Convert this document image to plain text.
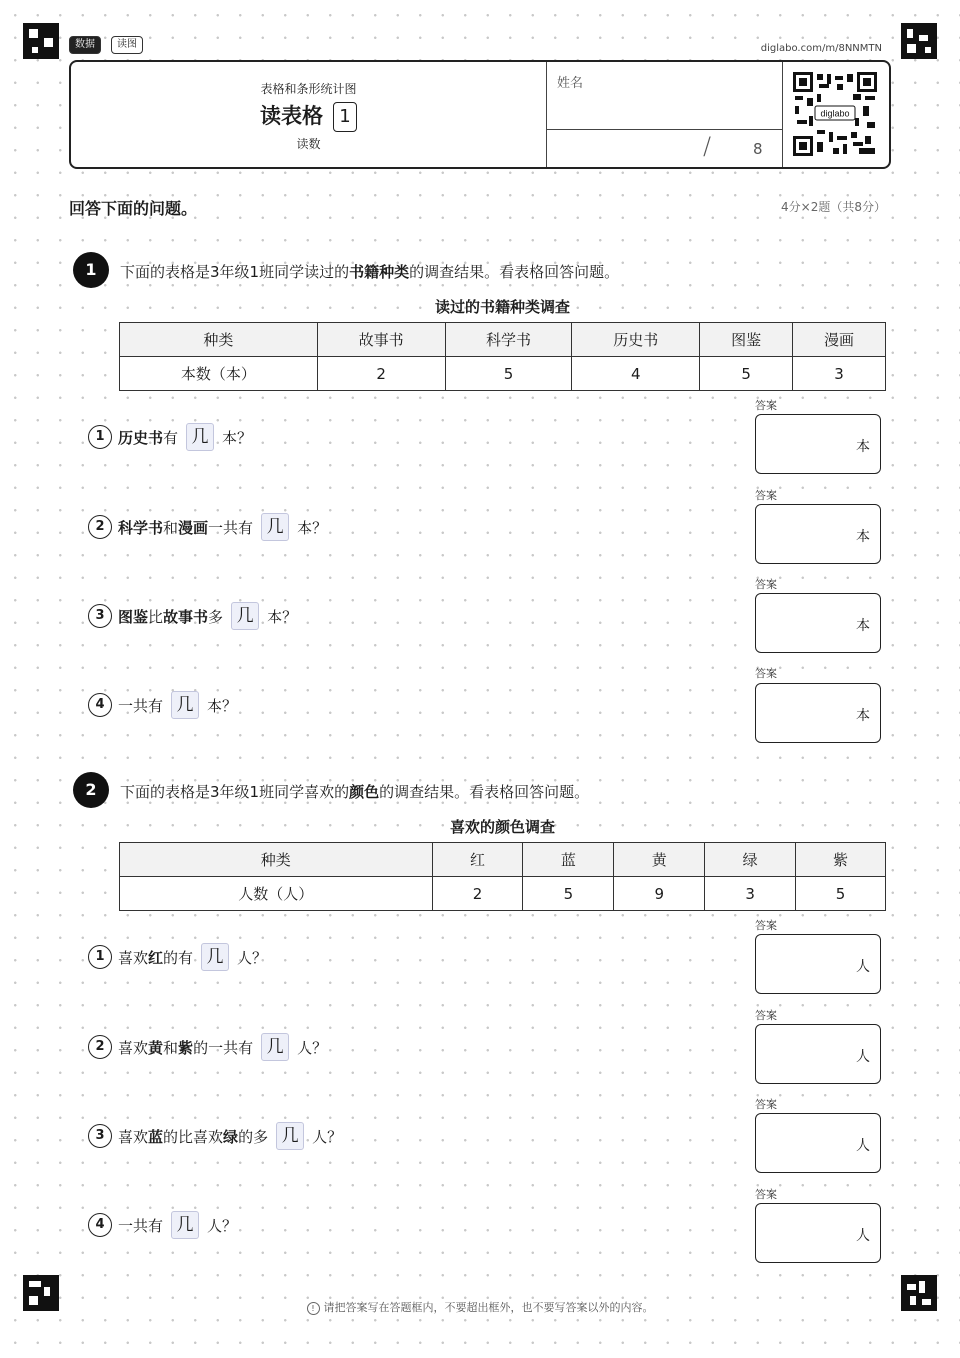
数据	读图	diglabo.com/m/8NNMTN
表格和条形统计图
读表格 1
读数
姓名
/	8
diglabo
回答下面的问题。	4分×2题（共8分）
1	下面的表格是3年级1班同学读过的书籍种类的调查结果。看表格回答问题。
读过的书籍种类调查
种类	故事书	科学书	历史书	图鉴	漫画
本数（本）	2	5	4	5	3
1 历史书 有 几 本？
答案
本
2 科学书 和 漫画 一共有 几 本？
答案
本
3 图鉴 比 故事书 多 几 本？
答案
本
4 一共有 几 本？
答案
本
2	下面的表格是3年级1班同学喜欢的颜色的调查结果。看表格回答问题。
喜欢的颜色调查
种类	红	蓝	黄	绿	紫
人数（人）	2	5	9	3	5
1 喜欢 红 的有 几 人？
答案
人
2 喜欢 黄 和 紫 的一共有 几 人？
答案
人
3 喜欢 蓝 的比喜欢 绿 的多 几 人？
答案
人
4 一共有 几 人？
答案
人
! 请把答案写在答题框内，不要超出框外，也不要写答案以外的内容。
